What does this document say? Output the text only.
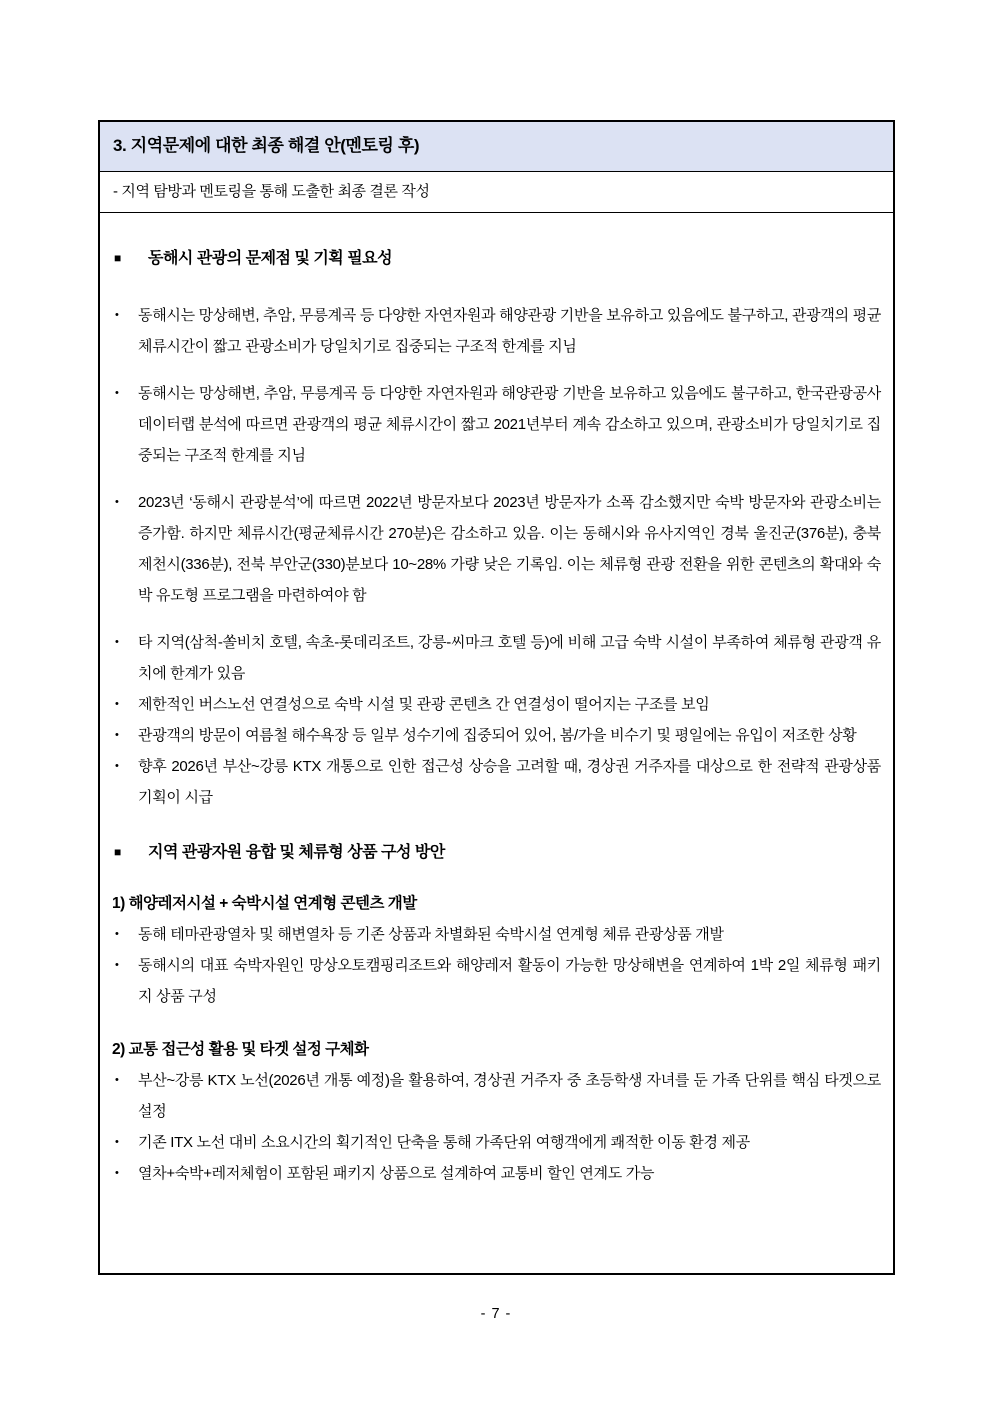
3. 지역문제에 대한 최종 해결 안(멘토링 후)
- 지역 탐방과 멘토링을 통해 도출한 최종 결론 작성
■	동해시 관광의 문제점 및 기획 필요성
•	동해시는 망상해변, 추암, 무릉계곡 등 다양한 자연자원과 해양관광 기반을 보유하고 있음에도 불구하고, 관광객의 평균 체류시간이 짧고 관광소비가 당일치기로 집중되는 구조적 한계를 지님
•	동해시는 망상해변, 추암, 무릉계곡 등 다양한 자연자원과 해양관광 기반을 보유하고 있음에도 불구하고, 한국관광공사 데이터랩 분석에 따르면 관광객의 평균 체류시간이 짧고 2021년부터 계속 감소하고 있으며, 관광소비가 당일치기로 집중되는 구조적 한계를 지님
•	2023년 ‘동해시 관광분석’에 따르면 2022년 방문자보다 2023년 방문자가 소폭 감소했지만 숙박 방문자와 관광소비는 증가함. 하지만 체류시간(평균체류시간 270분)은 감소하고 있음. 이는 동해시와 유사지역인 경북 울진군(376분), 충북 제천시(336분), 전북 부안군(330)분보다 10~28% 가량 낮은 기록임. 이는 체류형 관광 전환을 위한 콘텐츠의 확대와 숙박 유도형 프로그램을 마련하여야 함
•	타 지역(삼척-쏠비치 호텔, 속초-롯데리조트, 강릉-씨마크 호텔 등)에 비해 고급 숙박 시설이 부족하여 체류형 관광객 유치에 한계가 있음
•	제한적인 버스노선 연결성으로 숙박 시설 및 관광 콘텐츠 간 연결성이 떨어지는 구조를 보임
•	관광객의 방문이 여름철 해수욕장 등 일부 성수기에 집중되어 있어, 봄/가을 비수기 및 평일에는 유입이 저조한 상황
•	향후 2026년 부산~강릉 KTX 개통으로 인한 접근성 상승을 고려할 때, 경상권 거주자를 대상으로 한 전략적 관광상품 기획이 시급
■	지역 관광자원 융합 및 체류형 상품 구성 방안
1) 해양레저시설 + 숙박시설 연계형 콘텐츠 개발
•	동해 테마관광열차 및 해변열차 등 기존 상품과 차별화된 숙박시설 연계형 체류 관광상품 개발
•	동해시의 대표 숙박자원인 망상오토캠핑리조트와 해양레저 활동이 가능한 망상해변을 연계하여 1박 2일 체류형 패키지 상품 구성
2) 교통 접근성 활용 및 타겟 설정 구체화
•	부산~강릉 KTX 노선(2026년 개통 예정)을 활용하여, 경상권 거주자 중 초등학생 자녀를 둔 가족 단위를 핵심 타겟으로 설정
•	기존 ITX 노선 대비 소요시간의 획기적인 단축을 통해 가족단위 여행객에게 쾌적한 이동 환경 제공
•	열차+숙박+레저체험이 포함된 패키지 상품으로 설계하여 교통비 할인 연계도 가능
- 7 -
